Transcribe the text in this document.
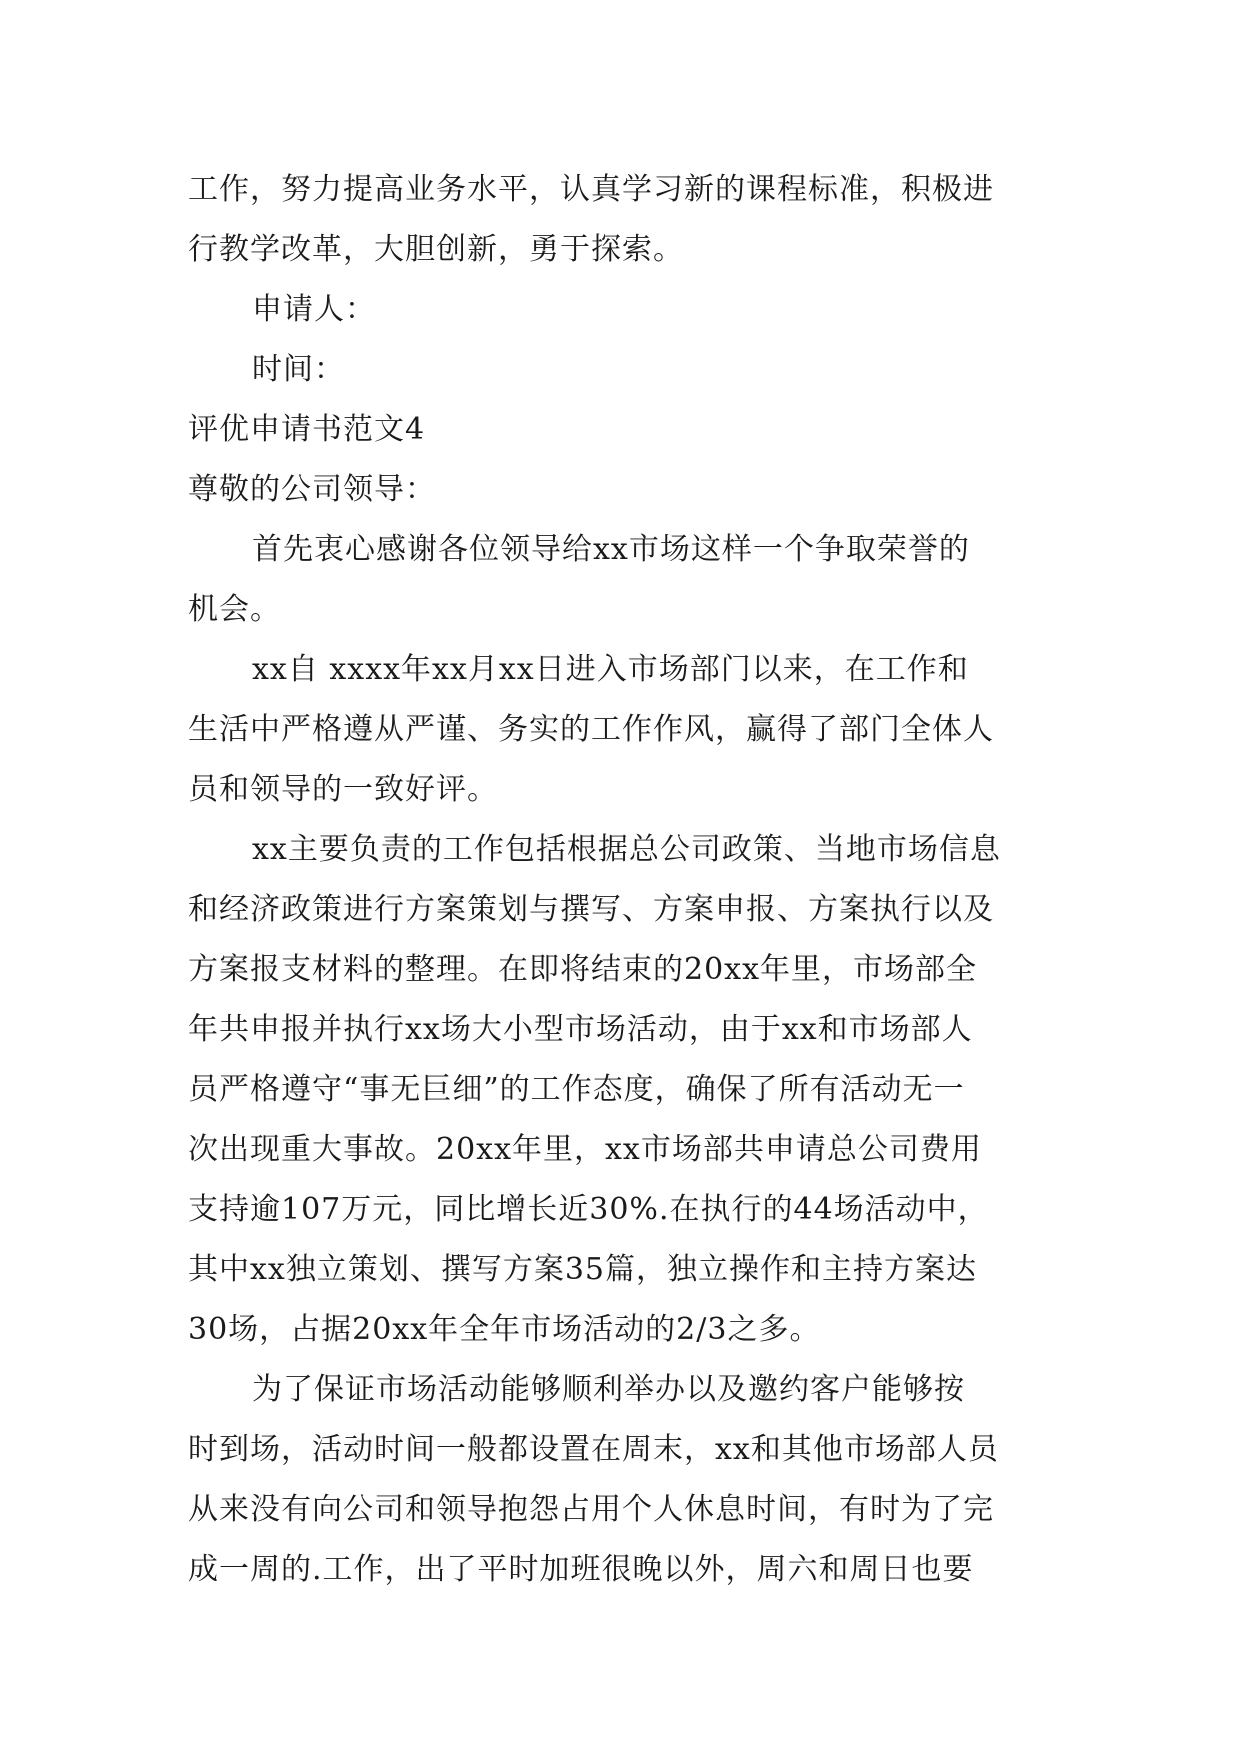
工作，努力提高业务水平，认真学习新的课程标准，积极进
行教学改革，大胆创新，勇于探索。
申请人：
时间：
评优申请书范文4
尊敬的公司领导：
首先衷心感谢各位领导给xx市场这样一个争取荣誉的
机会。
xx自 xxxx年xx月xx日进入市场部门以来，在工作和
生活中严格遵从严谨、务实的工作作风，赢得了部门全体人
员和领导的一致好评。
xx主要负责的工作包括根据总公司政策、当地市场信息
和经济政策进行方案策划与撰写、方案申报、方案执行以及
方案报支材料的整理。在即将结束的20xx年里，市场部全
年共申报并执行xx场大小型市场活动，由于xx和市场部人
员严格遵守“事无巨细”的工作态度，确保了所有活动无一
次出现重大事故。20xx年里，xx市场部共申请总公司费用
支持逾107万元，同比增长近30%.在执行的44场活动中，
其中xx独立策划、撰写方案35篇，独立操作和主持方案达
30场，占据20xx年全年市场活动的2/3之多。
为了保证市场活动能够顺利举办以及邀约客户能够按
时到场，活动时间一般都设置在周末，xx和其他市场部人员
从来没有向公司和领导抱怨占用个人休息时间，有时为了完
成一周的.工作，出了平时加班很晚以外，周六和周日也要
